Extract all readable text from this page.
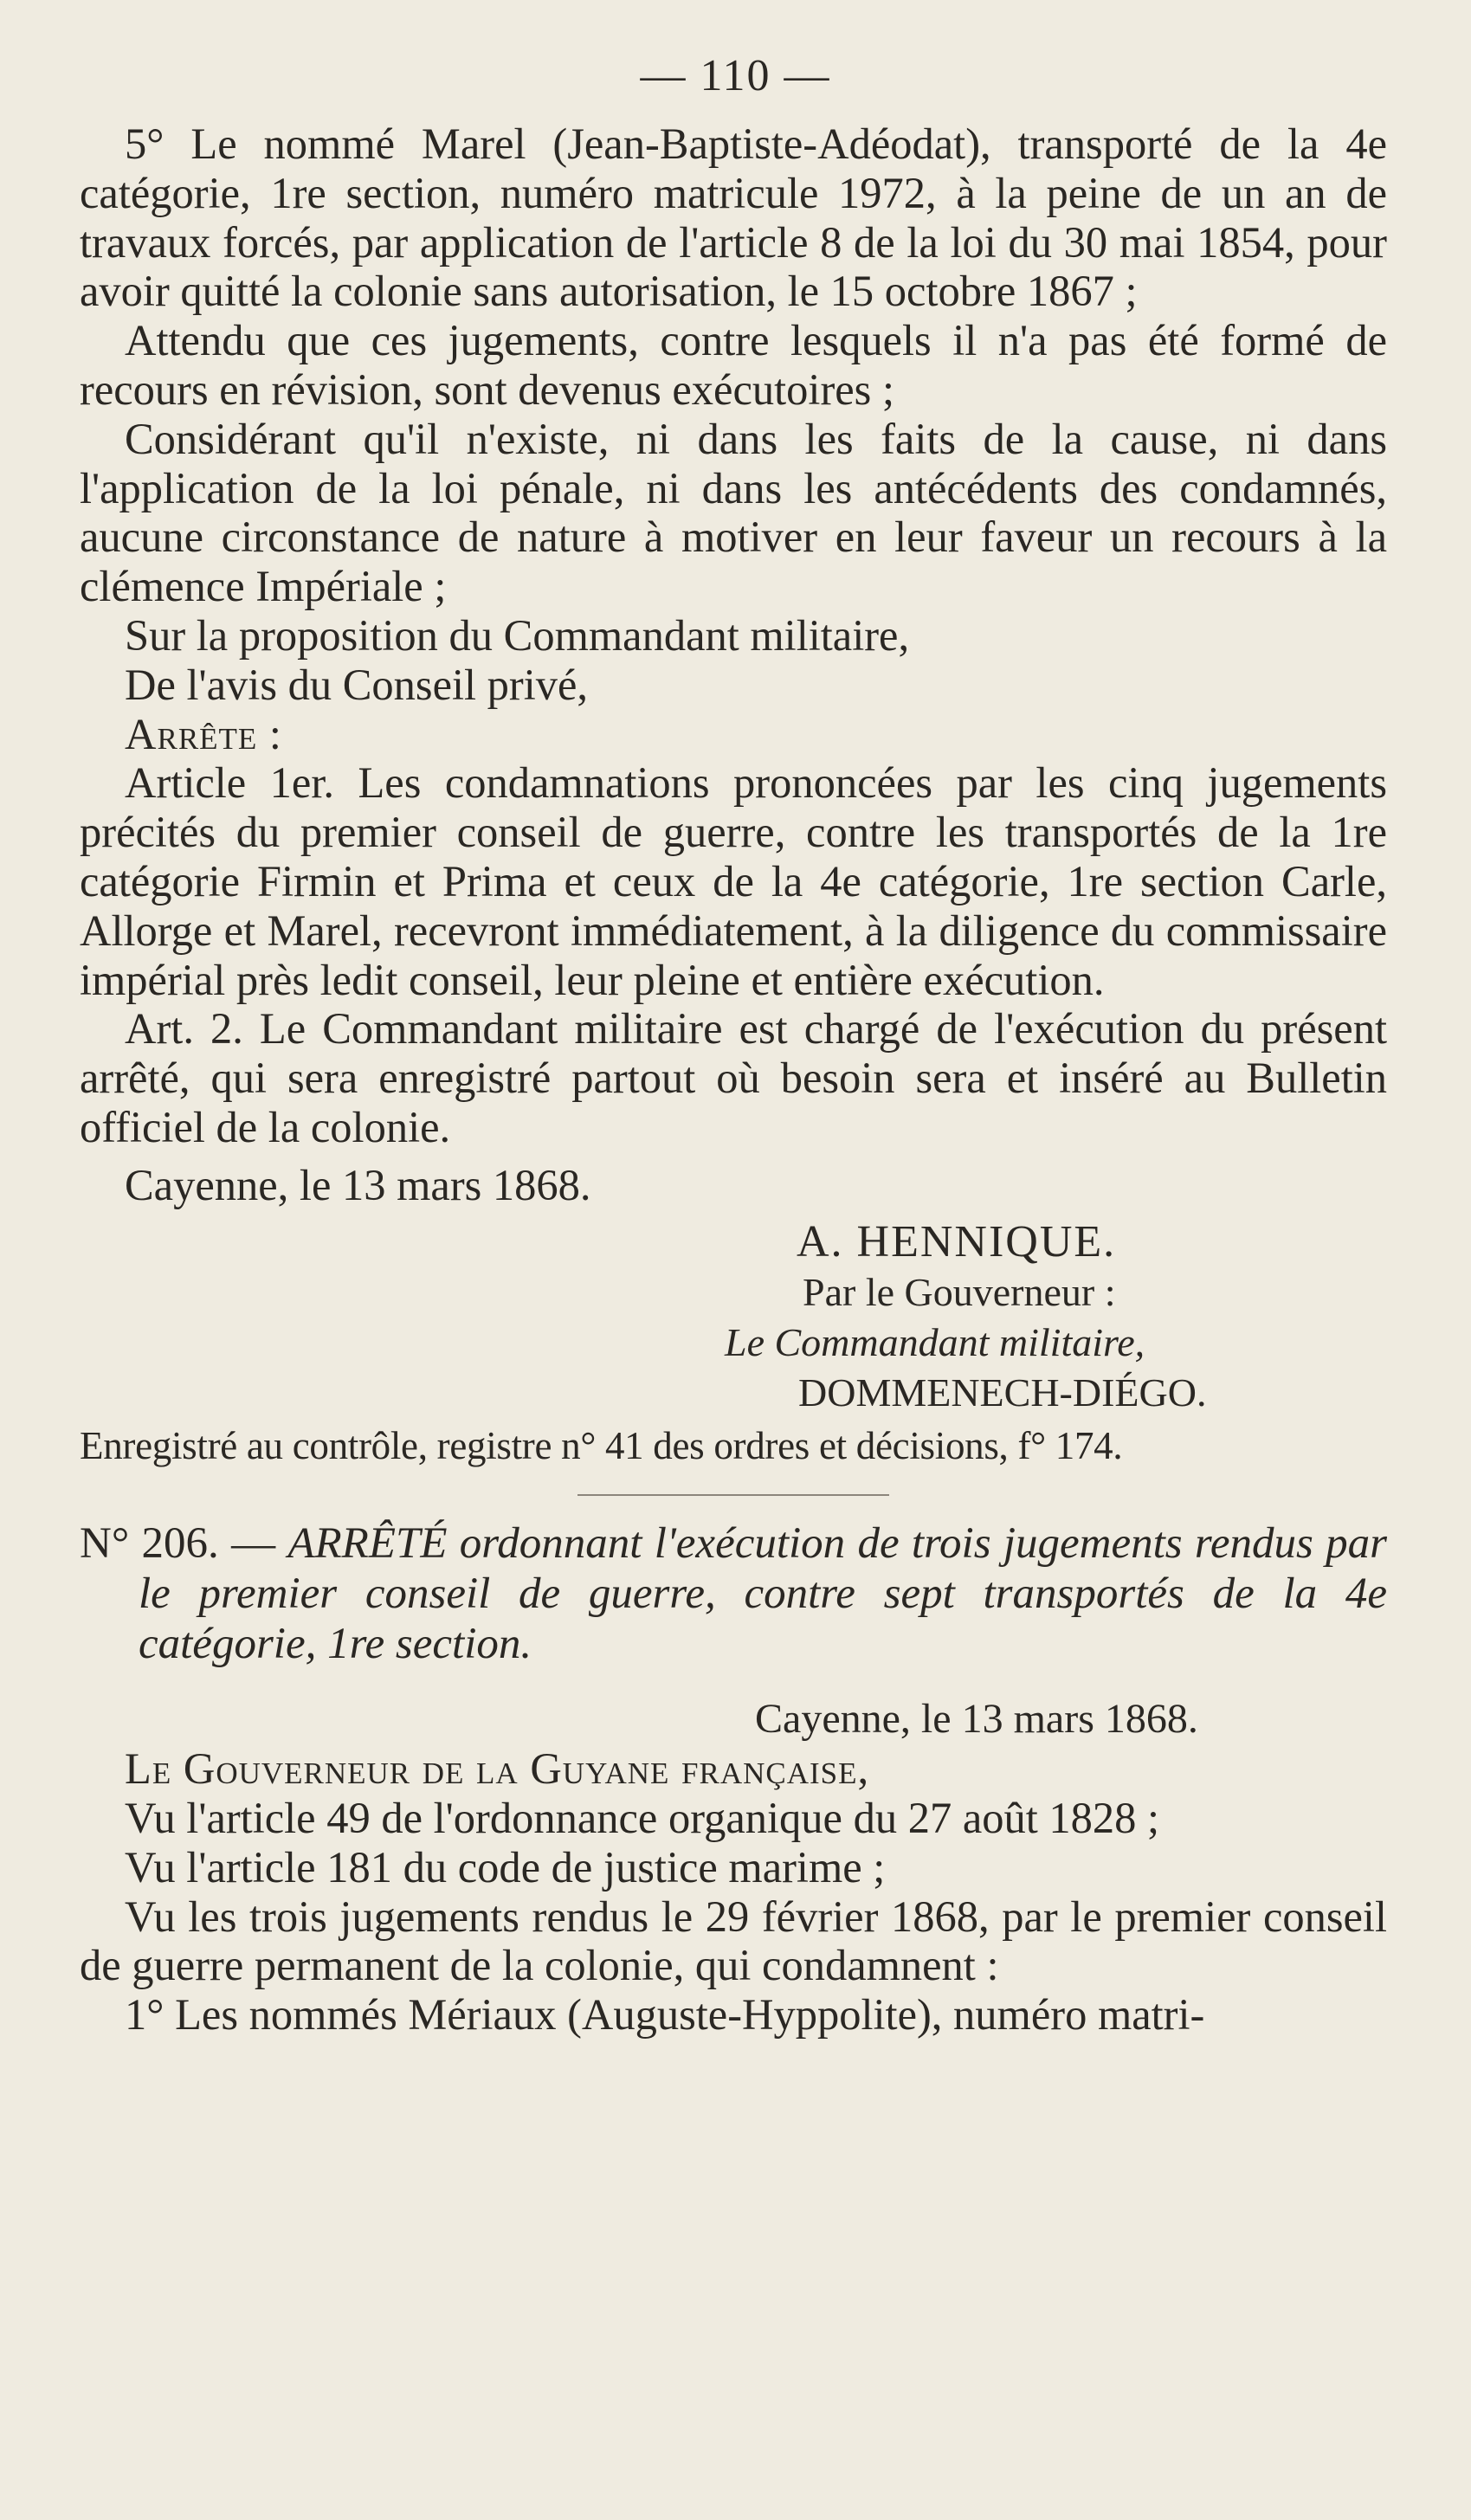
— 110 —

5° Le nommé Marel (Jean-Baptiste-Adéodat), transporté de la 4e catégorie, 1re section, numéro matricule 1972, à la peine de un an de travaux forcés, par application de l'article 8 de la loi du 30 mai 1854, pour avoir quitté la colonie sans autorisation, le 15 octobre 1867 ;

Attendu que ces jugements, contre lesquels il n'a pas été formé de recours en révision, sont devenus exécutoires ;

Considérant qu'il n'existe, ni dans les faits de la cause, ni dans l'application de la loi pénale, ni dans les antécédents des condamnés, aucune circonstance de nature à motiver en leur faveur un recours à la clémence Impériale ;

Sur la proposition du Commandant militaire,

De l'avis du Conseil privé,

Arrête :

Article 1er. Les condamnations prononcées par les cinq jugements précités du premier conseil de guerre, contre les transportés de la 1re catégorie Firmin et Prima et ceux de la 4e catégorie, 1re section Carle, Allorge et Marel, recevront immédiatement, à la diligence du commissaire impérial près ledit conseil, leur pleine et entière exécution.

Art. 2. Le Commandant militaire est chargé de l'exécution du présent arrêté, qui sera enregistré partout où besoin sera et inséré au Bulletin officiel de la colonie.

Cayenne, le 13 mars 1868.

A. HENNIQUE.
Par le Gouverneur :
Le Commandant militaire,
DOMMENECH-DIÉGO.

Enregistré au contrôle, registre n° 41 des ordres et décisions, f° 174.

N° 206. — ARRÊTÉ ordonnant l'exécution de trois jugements rendus par le premier conseil de guerre, contre sept transportés de la 4e catégorie, 1re section.

Cayenne, le 13 mars 1868.

Le Gouverneur de la Guyane française,

Vu l'article 49 de l'ordonnance organique du 27 août 1828 ;

Vu l'article 181 du code de justice marime ;

Vu les trois jugements rendus le 29 février 1868, par le premier conseil de guerre permanent de la colonie, qui condamnent :

1° Les nommés Mériaux (Auguste-Hyppolite), numéro matri-
